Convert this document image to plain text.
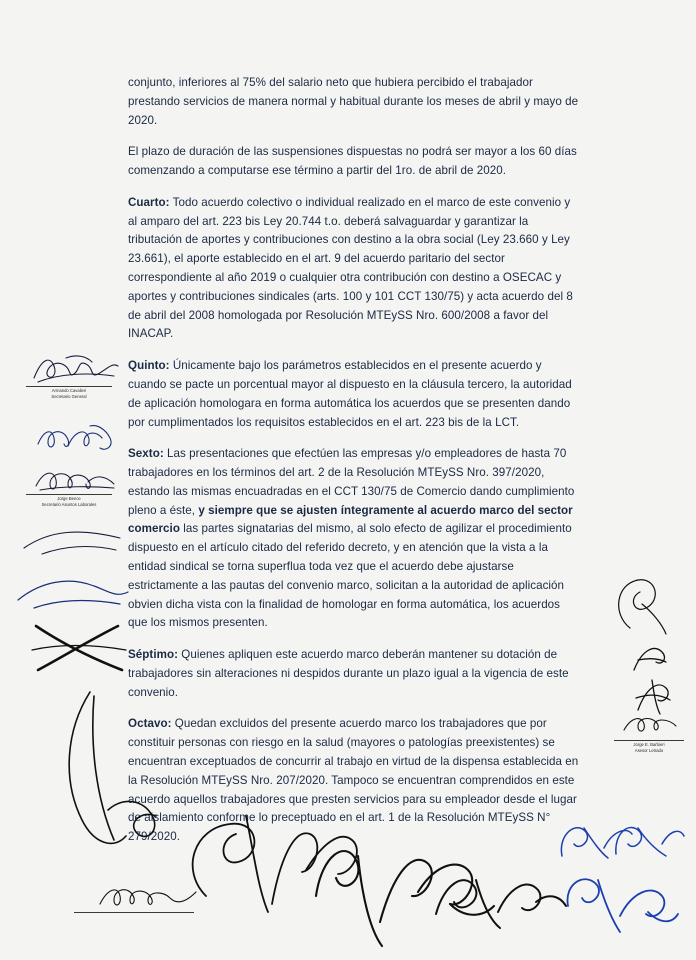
conjunto, inferiores al 75% del salario neto que hubiera percibido el trabajador prestando servicios de manera normal y habitual durante los meses de abril y mayo de 2020.

El plazo de duración de las suspensiones dispuestas no podrá ser mayor a los 60 días comenzando a computarse ese término a partir del 1ro. de abril de 2020.

Cuarto: Todo acuerdo colectivo o individual realizado en el marco de este convenio y al amparo del art. 223 bis Ley 20.744 t.o. deberá salvaguardar y garantizar la tributación de aportes y contribuciones con destino a la obra social (Ley 23.660 y Ley 23.661), el aporte establecido en el art. 9 del acuerdo paritario del sector correspondiente al año 2019 o cualquier otra contribución con destino a OSECAC y aportes y contribuciones sindicales (arts. 100 y 101 CCT 130/75) y acta acuerdo del 8 de abril del 2008 homologada por Resolución MTEySS Nro. 600/2008 a favor del INACAP.

Quinto: Únicamente bajo los parámetros establecidos en el presente acuerdo y cuando se pacte un porcentual mayor al dispuesto en la cláusula tercero, la autoridad de aplicación homologara en forma automática los acuerdos que se presenten dando por cumplimentados los requisitos establecidos en el art. 223 bis de la LCT.

Sexto: Las presentaciones que efectúen las empresas y/o empleadores de hasta 70 trabajadores en los términos del art. 2 de la Resolución MTEySS Nro. 397/2020, estando las mismas encuadradas en el CCT 130/75 de Comercio dando cumplimiento pleno a éste, y siempre que se ajusten íntegramente al acuerdo marco del sector comercio las partes signatarias del mismo, al solo efecto de agilizar el procedimiento dispuesto en el artículo citado del referido decreto, y en atención que la vista a la entidad sindical se torna superflua toda vez que el acuerdo debe ajustarse estrictamente a las pautas del convenio marco, solicitan a la autoridad de aplicación obvien dicha vista con la finalidad de homologar en forma automática, los acuerdos que los mismos presenten.

Séptimo: Quienes apliquen este acuerdo marco deberán mantener su dotación de trabajadores sin alteraciones ni despidos durante un plazo igual a la vigencia de este convenio.

Octavo: Quedan excluidos del presente acuerdo marco los trabajadores que por constituir personas con riesgo en la salud (mayores o patologías preexistentes) se encuentran exceptuados de concurrir al trabajo en virtud de la dispensa establecida en la Resolución MTEySS Nro. 207/2020. Tampoco se encuentran comprendidos en este acuerdo aquellos trabajadores que presten servicios para su empleador desde el lugar de aislamiento conforme lo preceptuado en el art. 1 de la Resolución MTEySS N° 279/2020.

Armando Cavalieri
Secretario General
Jorge Bence
Secretario Asuntos Laborales
Jorge E. Barbieri
Asesor Letrado
